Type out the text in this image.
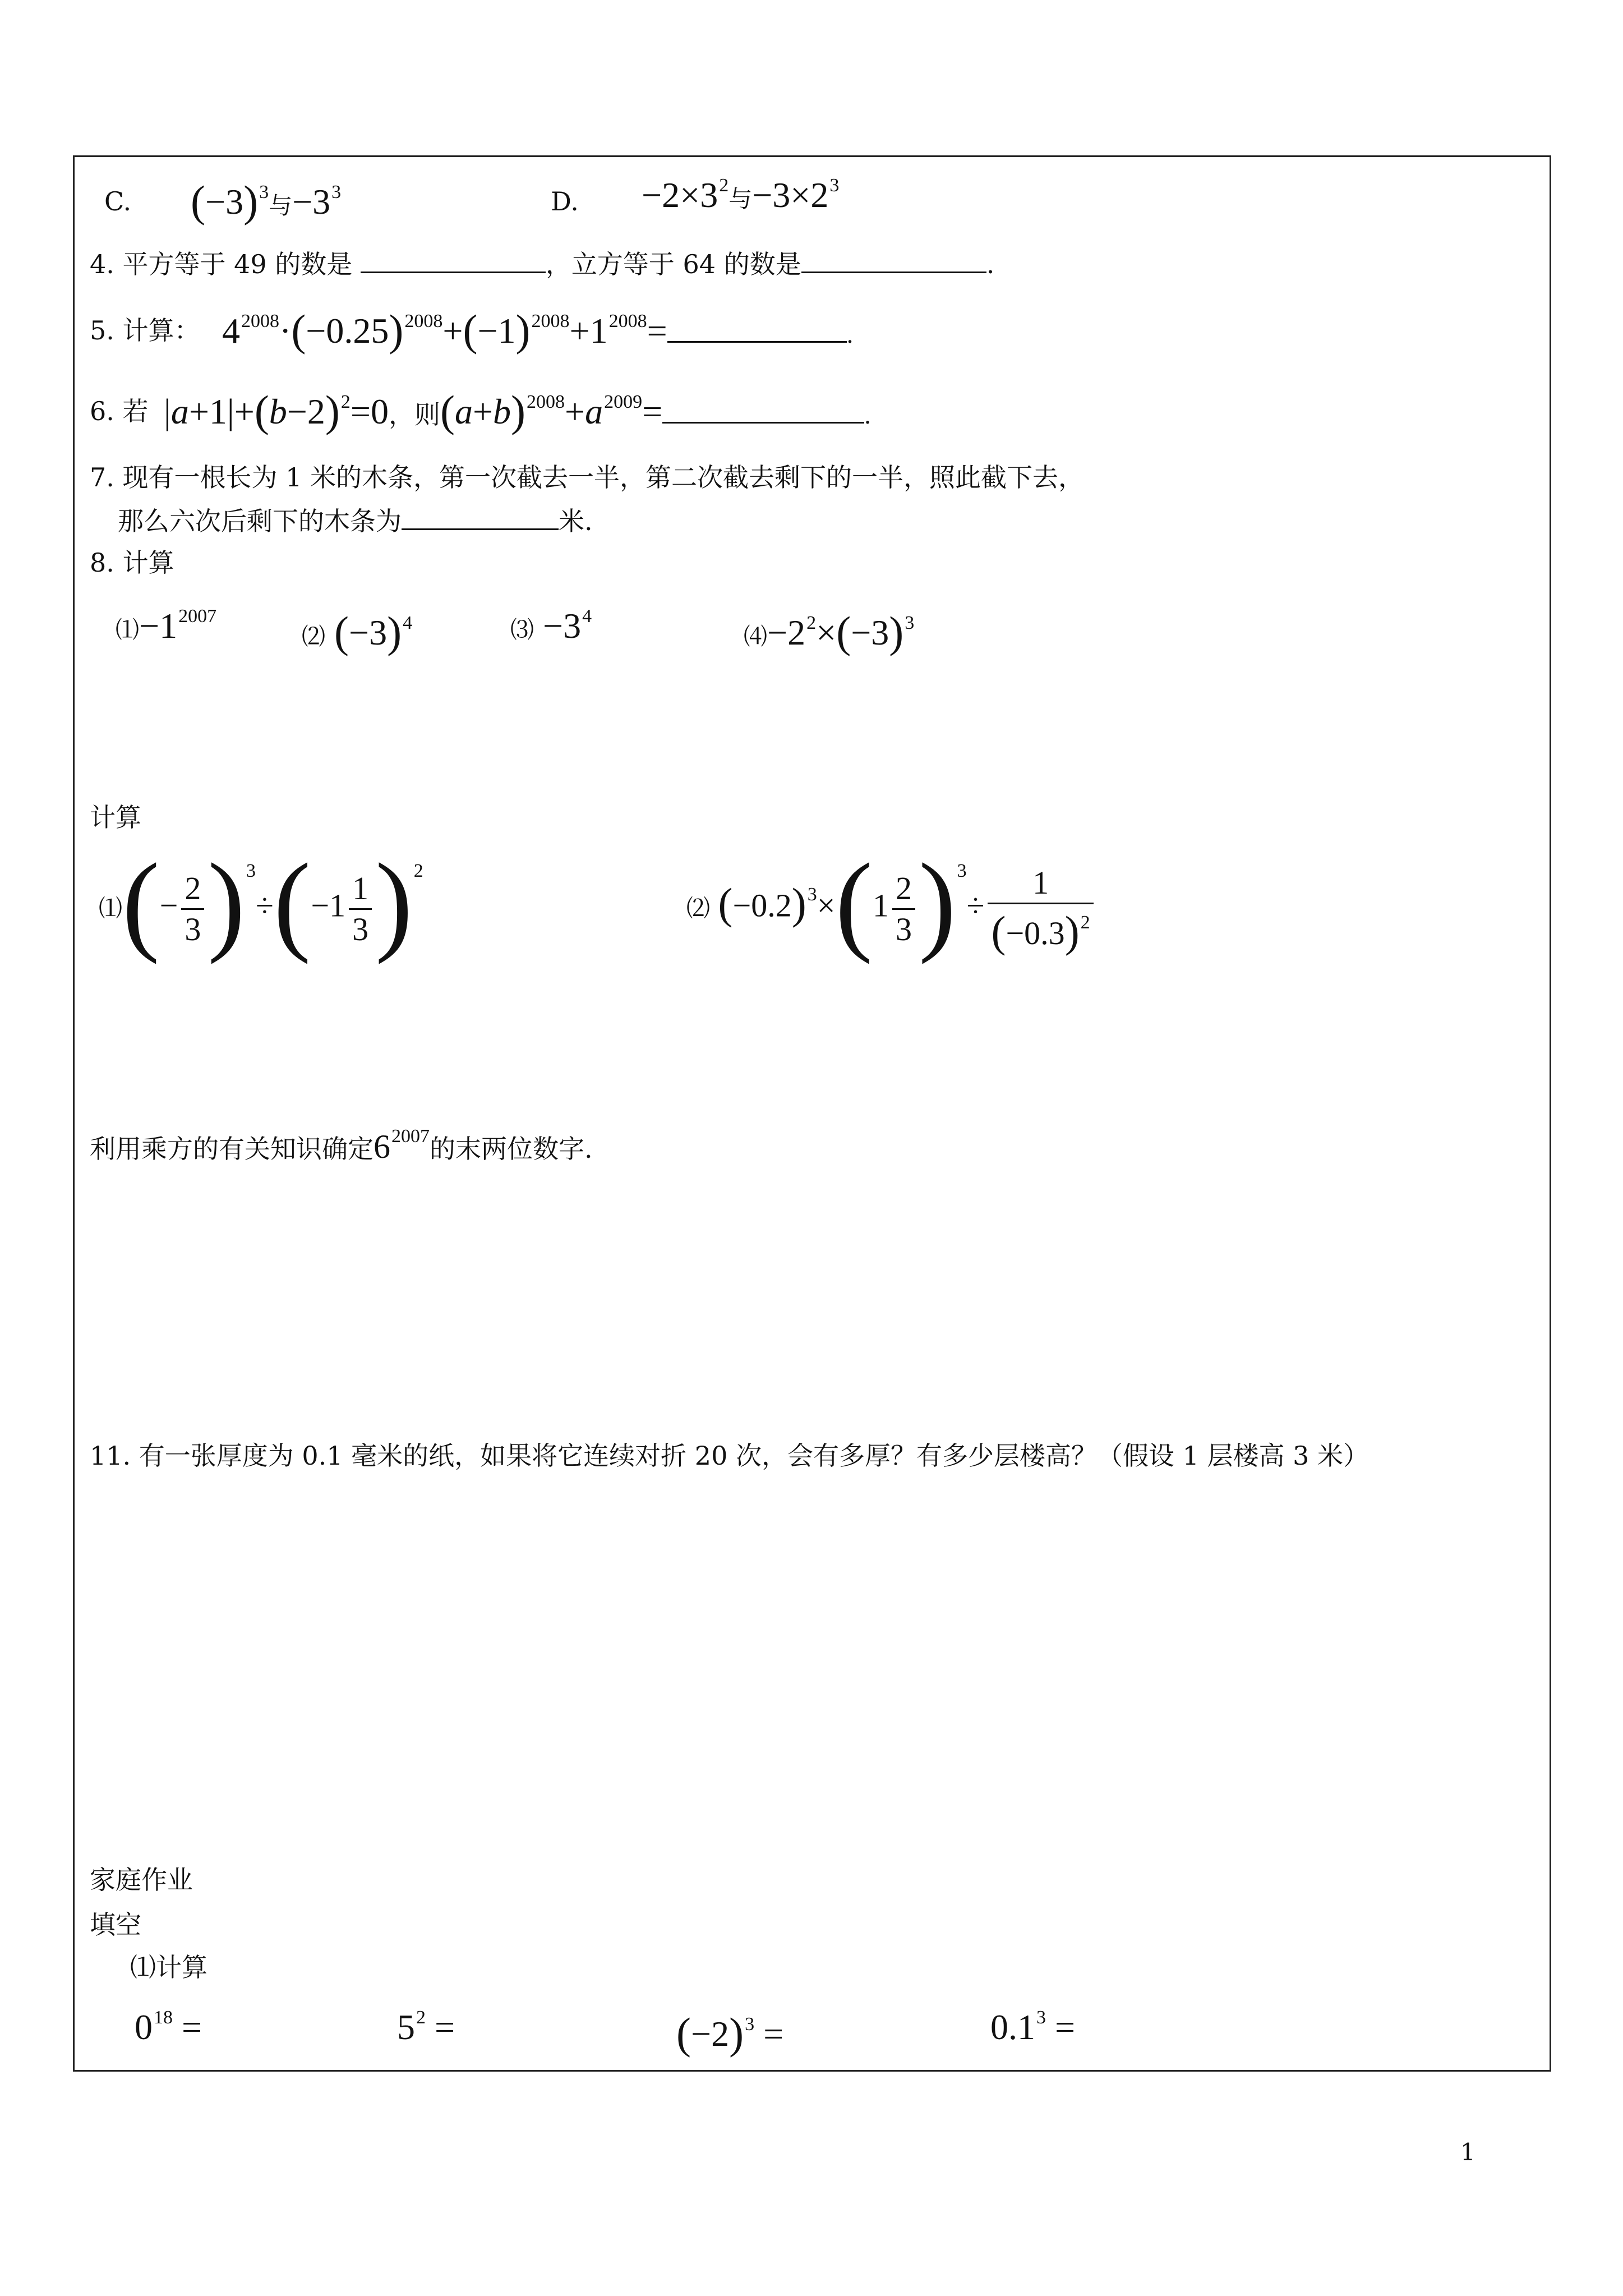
C. $(-3)^3$与$-3^3$	D. $-2\times 3^2$与$-3\times 2^3$
4. 平方等于 49 的数是	，立方等于 64 的数是	.
5. 计算： $4^{2008}\cdot(-0.25)^{2008}+(-1)^{2008}+1^{2008}=$	.
6. 若 $|a+1|+(b-2)^2=0$，则$(a+b)^{2008}+a^{2009}=$	.
7. 现有一根长为 1 米的木条，第一次截去一半，第二次截去剩下的一半，照此截下去，
那么六次后剩下的木条为	米.
8. 计算
$⑴-1^{2007}$
⑵ $(-3)^4$	⑶ $-3^4$
$⑷-2^2\times(-3)^3$
计算
⑴(− $\frac{2}{3} )^3\div(-1 \frac{1}{3} )^2$
⑵ $(-0.2)^3\times(1 \frac{2}{3} )^3\div \frac{1}{(-0.3)^2}$
利用乘方的有关知识确定$6^{2007}$的末两位数字.
11. 有一张厚度为 0.1 毫米的纸，如果将它连续对折 20 次，会有多厚？有多少层楼高？（假设 1 层楼高 3 米）
家庭作业
填空
⑴计算
$0^{18}$ =	$5^2$ =	$(-2)^3$ =	$0.1^3$ =
1
